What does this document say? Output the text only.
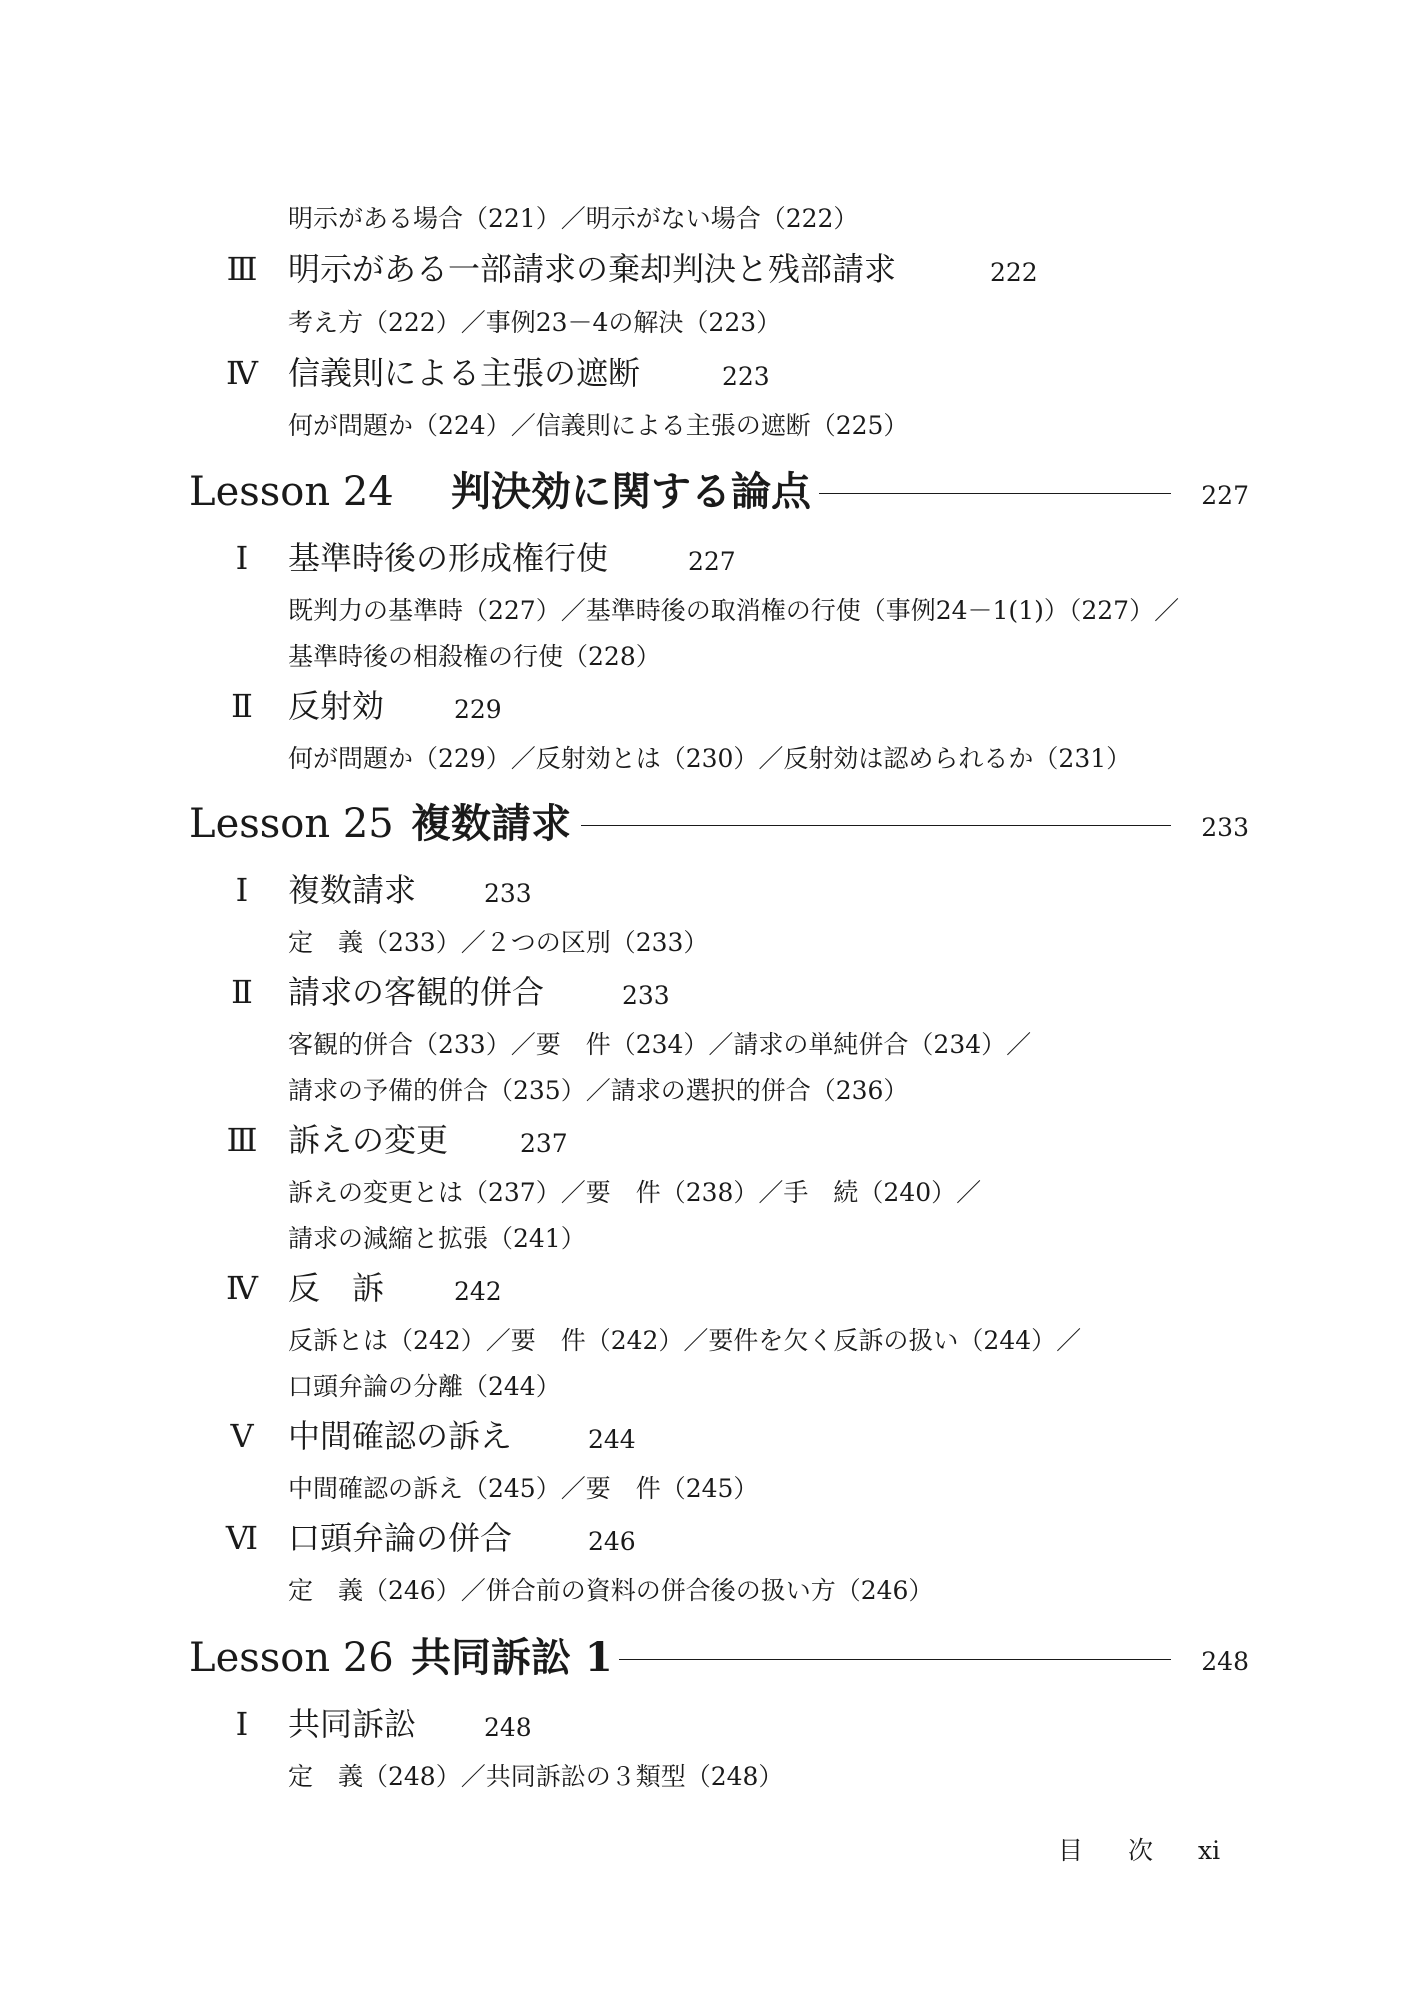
明示がある場合（221）／明示がない場合（222）
Ⅲ 明示がある一部請求の棄却判決と残部請求	222
考え方（222）／事例23－4の解決（223）
Ⅳ 信義則による主張の遮断	223
何が問題か（224）／信義則による主張の遮断（225）
Lesson 24 判決効に関する論点	227
Ⅰ	基準時後の形成権行使	227
既判力の基準時（227）／基準時後の取消権の行使（事例24－1(1)）（227）／
基準時後の相殺権の行使（228）
Ⅱ 反射効	229
何が問題か（229）／反射効とは（230）／反射効は認められるか（231）
Lesson 25 複数請求	233
Ⅰ	複数請求	233
定　義（233）／２つの区別（233）
Ⅱ 請求の客観的併合	233
客観的併合（233）／要　件（234）／請求の単純併合（234）／
請求の予備的併合（235）／請求の選択的併合（236）
Ⅲ 訴えの変更	237
訴えの変更とは（237）／要　件（238）／手　続（240）／
請求の減縮と拡張（241）
Ⅳ 反　訴	242
反訴とは（242）／要　件（242）／要件を欠く反訴の扱い（244）／
口頭弁論の分離（244）
Ⅴ 中間確認の訴え	244
中間確認の訴え（245）／要　件（245）
Ⅵ 口頭弁論の併合	246
定　義（246）／併合前の資料の併合後の扱い方（246）
Lesson 26 共同訴訟 1	248
Ⅰ	共同訴訟	248
定　義（248）／共同訴訟の３類型（248）
目 次 xi
